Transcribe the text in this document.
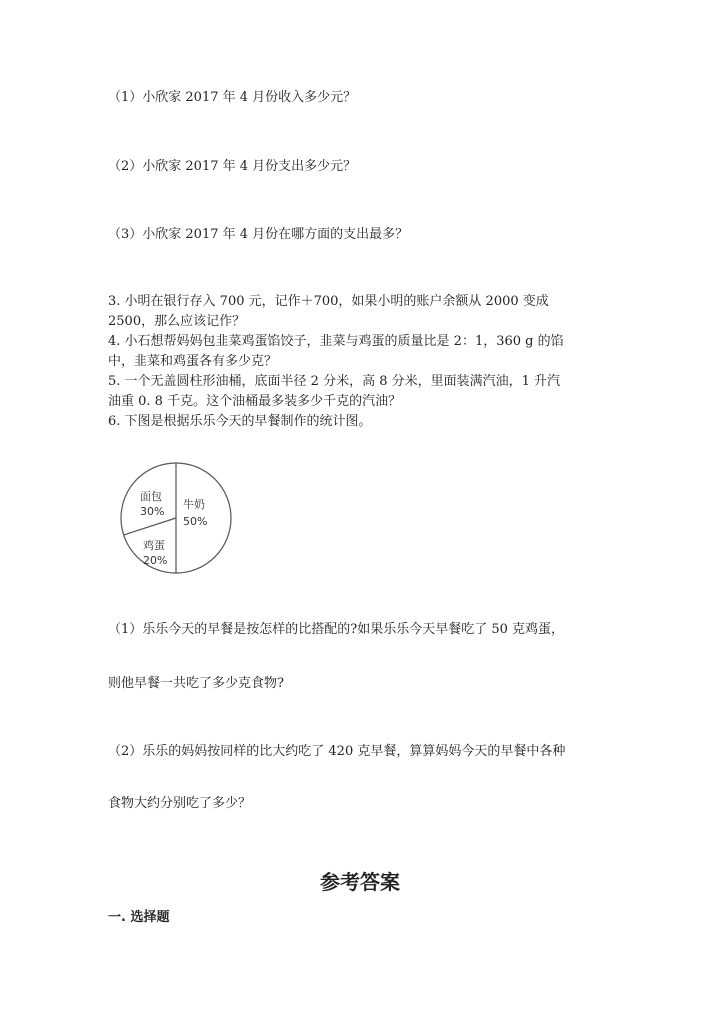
（1）小欣家 2017 年 4 月份收入多少元？
（2）小欣家 2017 年 4 月份支出多少元？
（3）小欣家 2017 年 4 月份在哪方面的支出最多？
3. 小明在银行存入 700 元，记作＋700，如果小明的账户余额从 2000 变成
2500，那么应该记作？
4. 小石想帮妈妈包韭菜鸡蛋馅饺子，韭菜与鸡蛋的质量比是 2：1，360 g 的馅
中，韭菜和鸡蛋各有多少克？
5. 一个无盖圆柱形油桶，底面半径 2 分米，高 8 分米，里面装满汽油，1 升汽
油重 0. 8 千克。这个油桶最多装多少千克的汽油？
6. 下图是根据乐乐今天的早餐制作的统计图。
牛奶
50%
面包
30%
鸡蛋
20%
（1）乐乐今天的早餐是按怎样的比搭配的?如果乐乐今天早餐吃了 50 克鸡蛋，
则他早餐一共吃了多少克食物?
（2）乐乐的妈妈按同样的比大约吃了 420 克早餐，算算妈妈今天的早餐中各种
食物大约分别吃了多少？
参考答案
一. 选择题
